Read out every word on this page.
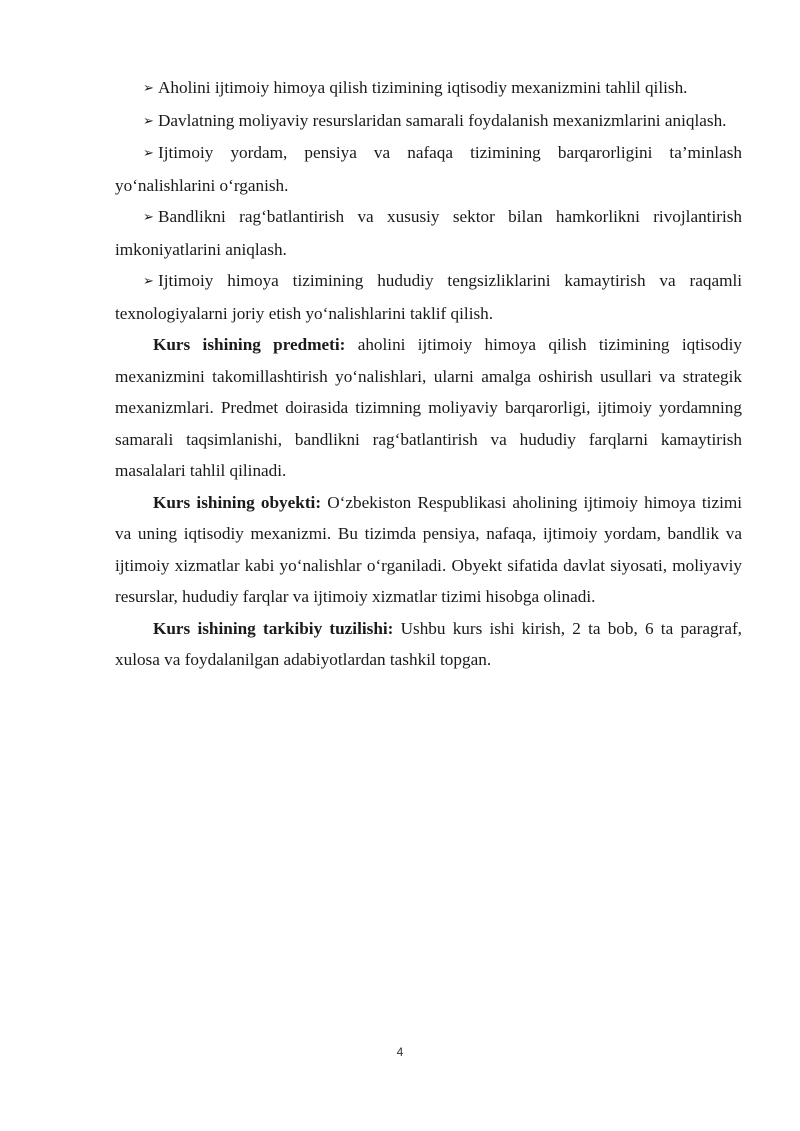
➢ Aholini ijtimoiy himoya qilish tizimining iqtisodiy mexanizmini tahlil qilish.

➢ Davlatning moliyaviy resurslaridan samarali foydalanish mexanizmlarini aniqlash.

➢ Ijtimoiy yordam, pensiya va nafaqa tizimining barqarorligini ta’minlash yo‘nalishlarini o‘rganish.

➢ Bandlikni rag‘batlantirish va xususiy sektor bilan hamkorlikni rivojlantirish imkoniyatlarini aniqlash.

➢ Ijtimoiy himoya tizimining hududiy tengsizliklarini kamaytirish va raqamli texnologiyalarni joriy etish yo‘nalishlarini taklif qilish.

Kurs ishining predmeti: aholini ijtimoiy himoya qilish tizimining iqtisodiy mexanizmini takomillashtirish yo‘nalishlari, ularni amalga oshirish usullari va strategik mexanizmlari. Predmet doirasida tizimning moliyaviy barqarorligi, ijtimoiy yordamning samarali taqsimlanishi, bandlikni rag‘batlantirish va hududiy farqlarni kamaytirish masalalari tahlil qilinadi.

Kurs ishining obyekti: O‘zbekiston Respublikasi aholining ijtimoiy himoya tizimi va uning iqtisodiy mexanizmi. Bu tizimda pensiya, nafaqa, ijtimoiy yordam, bandlik va ijtimoiy xizmatlar kabi yo‘nalishlar o‘rganiladi. Obyekt sifatida davlat siyosati, moliyaviy resurslar, hududiy farqlar va ijtimoiy xizmatlar tizimi hisobga olinadi.

Kurs ishining tarkibiy tuzilishi: Ushbu kurs ishi kirish, 2 ta bob, 6 ta paragraf, xulosa va foydalanilgan adabiyotlardan tashkil topgan.

4
